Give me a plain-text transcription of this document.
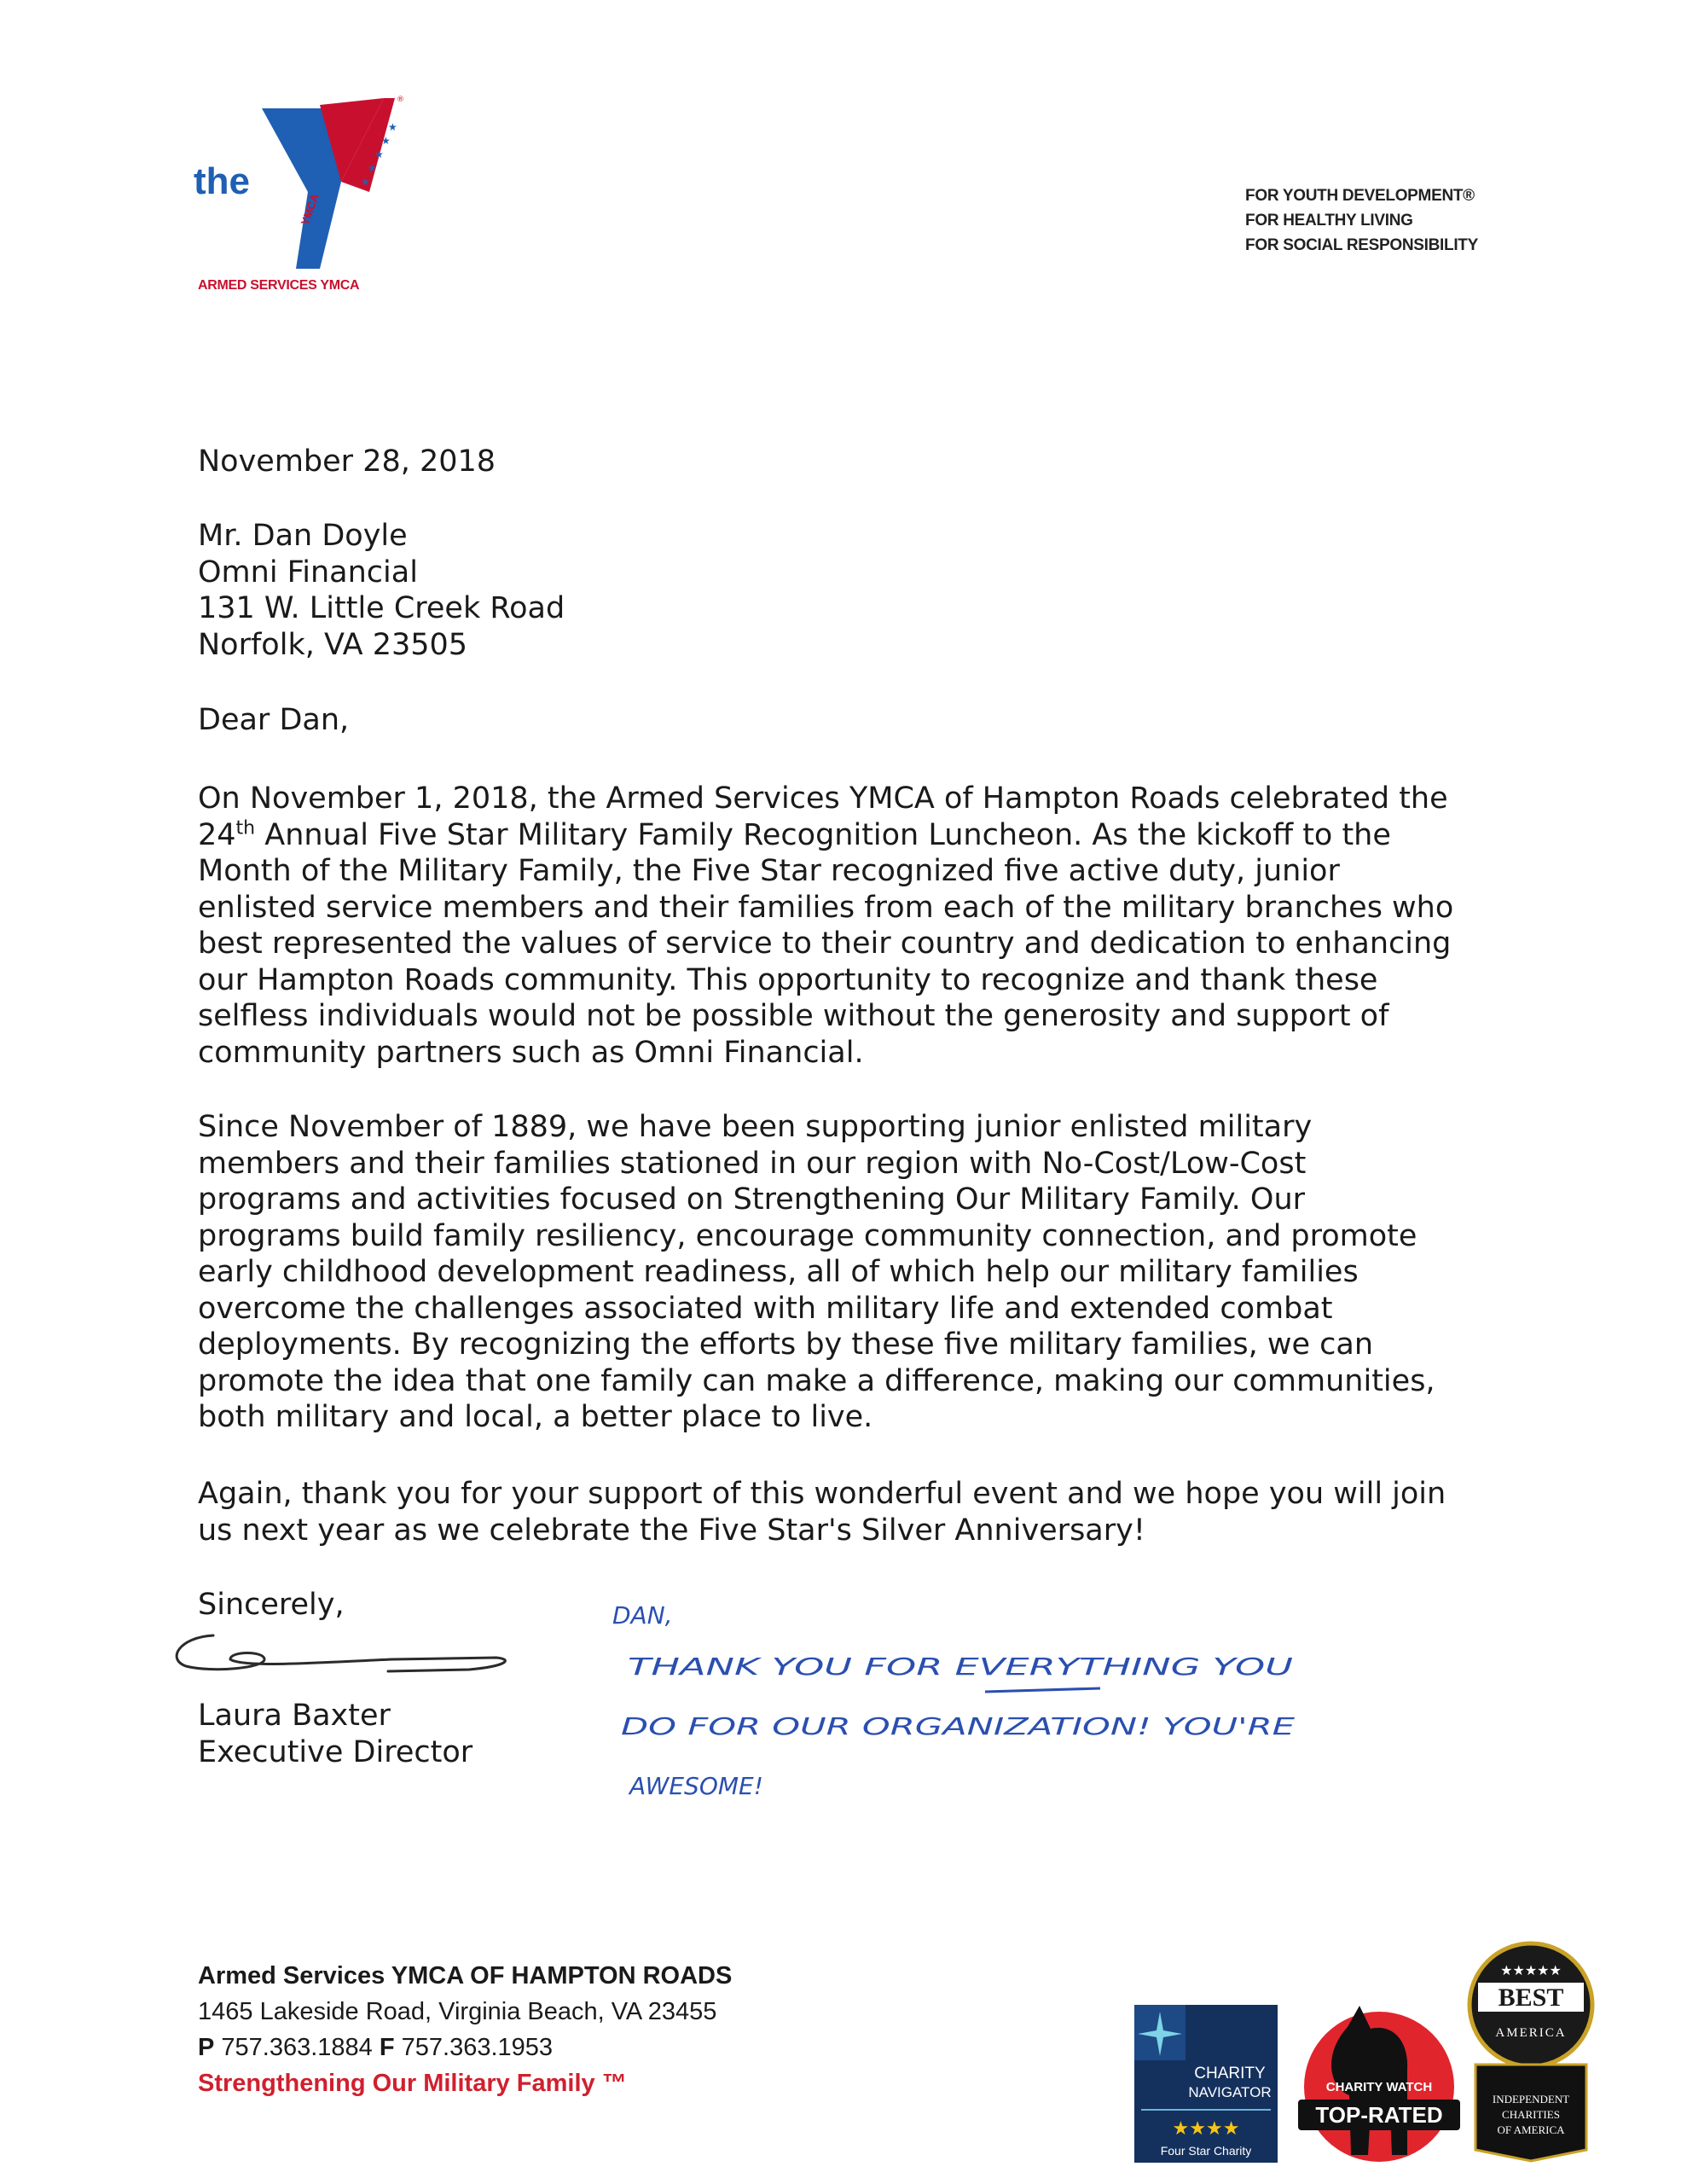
the
YMCA
★
★
★
★
★
®
ARMED SERVICES YMCA
FOR YOUTH DEVELOPMENT®
FOR HEALTHY LIVING
FOR SOCIAL RESPONSIBILITY
November 28, 2018
Mr. Dan Doyle
Omni Financial
131 W. Little Creek Road
Norfolk, VA 23505
Dear Dan,
On November 1, 2018, the Armed Services YMCA of Hampton Roads celebrated the
24th Annual Five Star Military Family Recognition Luncheon. As the kickoff to the
Month of the Military Family, the Five Star recognized five active duty, junior
enlisted service members and their families from each of the military branches who
best represented the values of service to their country and dedication to enhancing
our Hampton Roads community. This opportunity to recognize and thank these
selfless individuals would not be possible without the generosity and support of
community partners such as Omni Financial.
Since November of 1889, we have been supporting junior enlisted military
members and their families stationed in our region with No-Cost/Low-Cost
programs and activities focused on Strengthening Our Military Family. Our
programs build family resiliency, encourage community connection, and promote
early childhood development readiness, all of which help our military families
overcome the challenges associated with military life and extended combat
deployments. By recognizing the efforts by these five military families, we can
promote the idea that one family can make a difference, making our communities,
both military and local, a better place to live.
Again, thank you for your support of this wonderful event and we hope you will join
us next year as we celebrate the Five Star's Silver Anniversary!
Sincerely,
Laura Baxter
Executive Director
DAN,
THANK YOU FOR EVERYTHING YOU
DO FOR OUR ORGANIZATION! YOU'RE
AWESOME!
Armed Services YMCA OF HAMPTON ROADS
1465 Lakeside Road, Virginia Beach, VA 23455
P 757.363.1884 F 757.363.1953
Strengthening Our Military Family ™	CHARITY
NAVIGATOR
★★★★
Four Star Charity
CHARITY WATCH
TOP-RATED
★★★★★
BEST
AMERICA
INDEPENDENT
CHARITIES
OF AMERICA
